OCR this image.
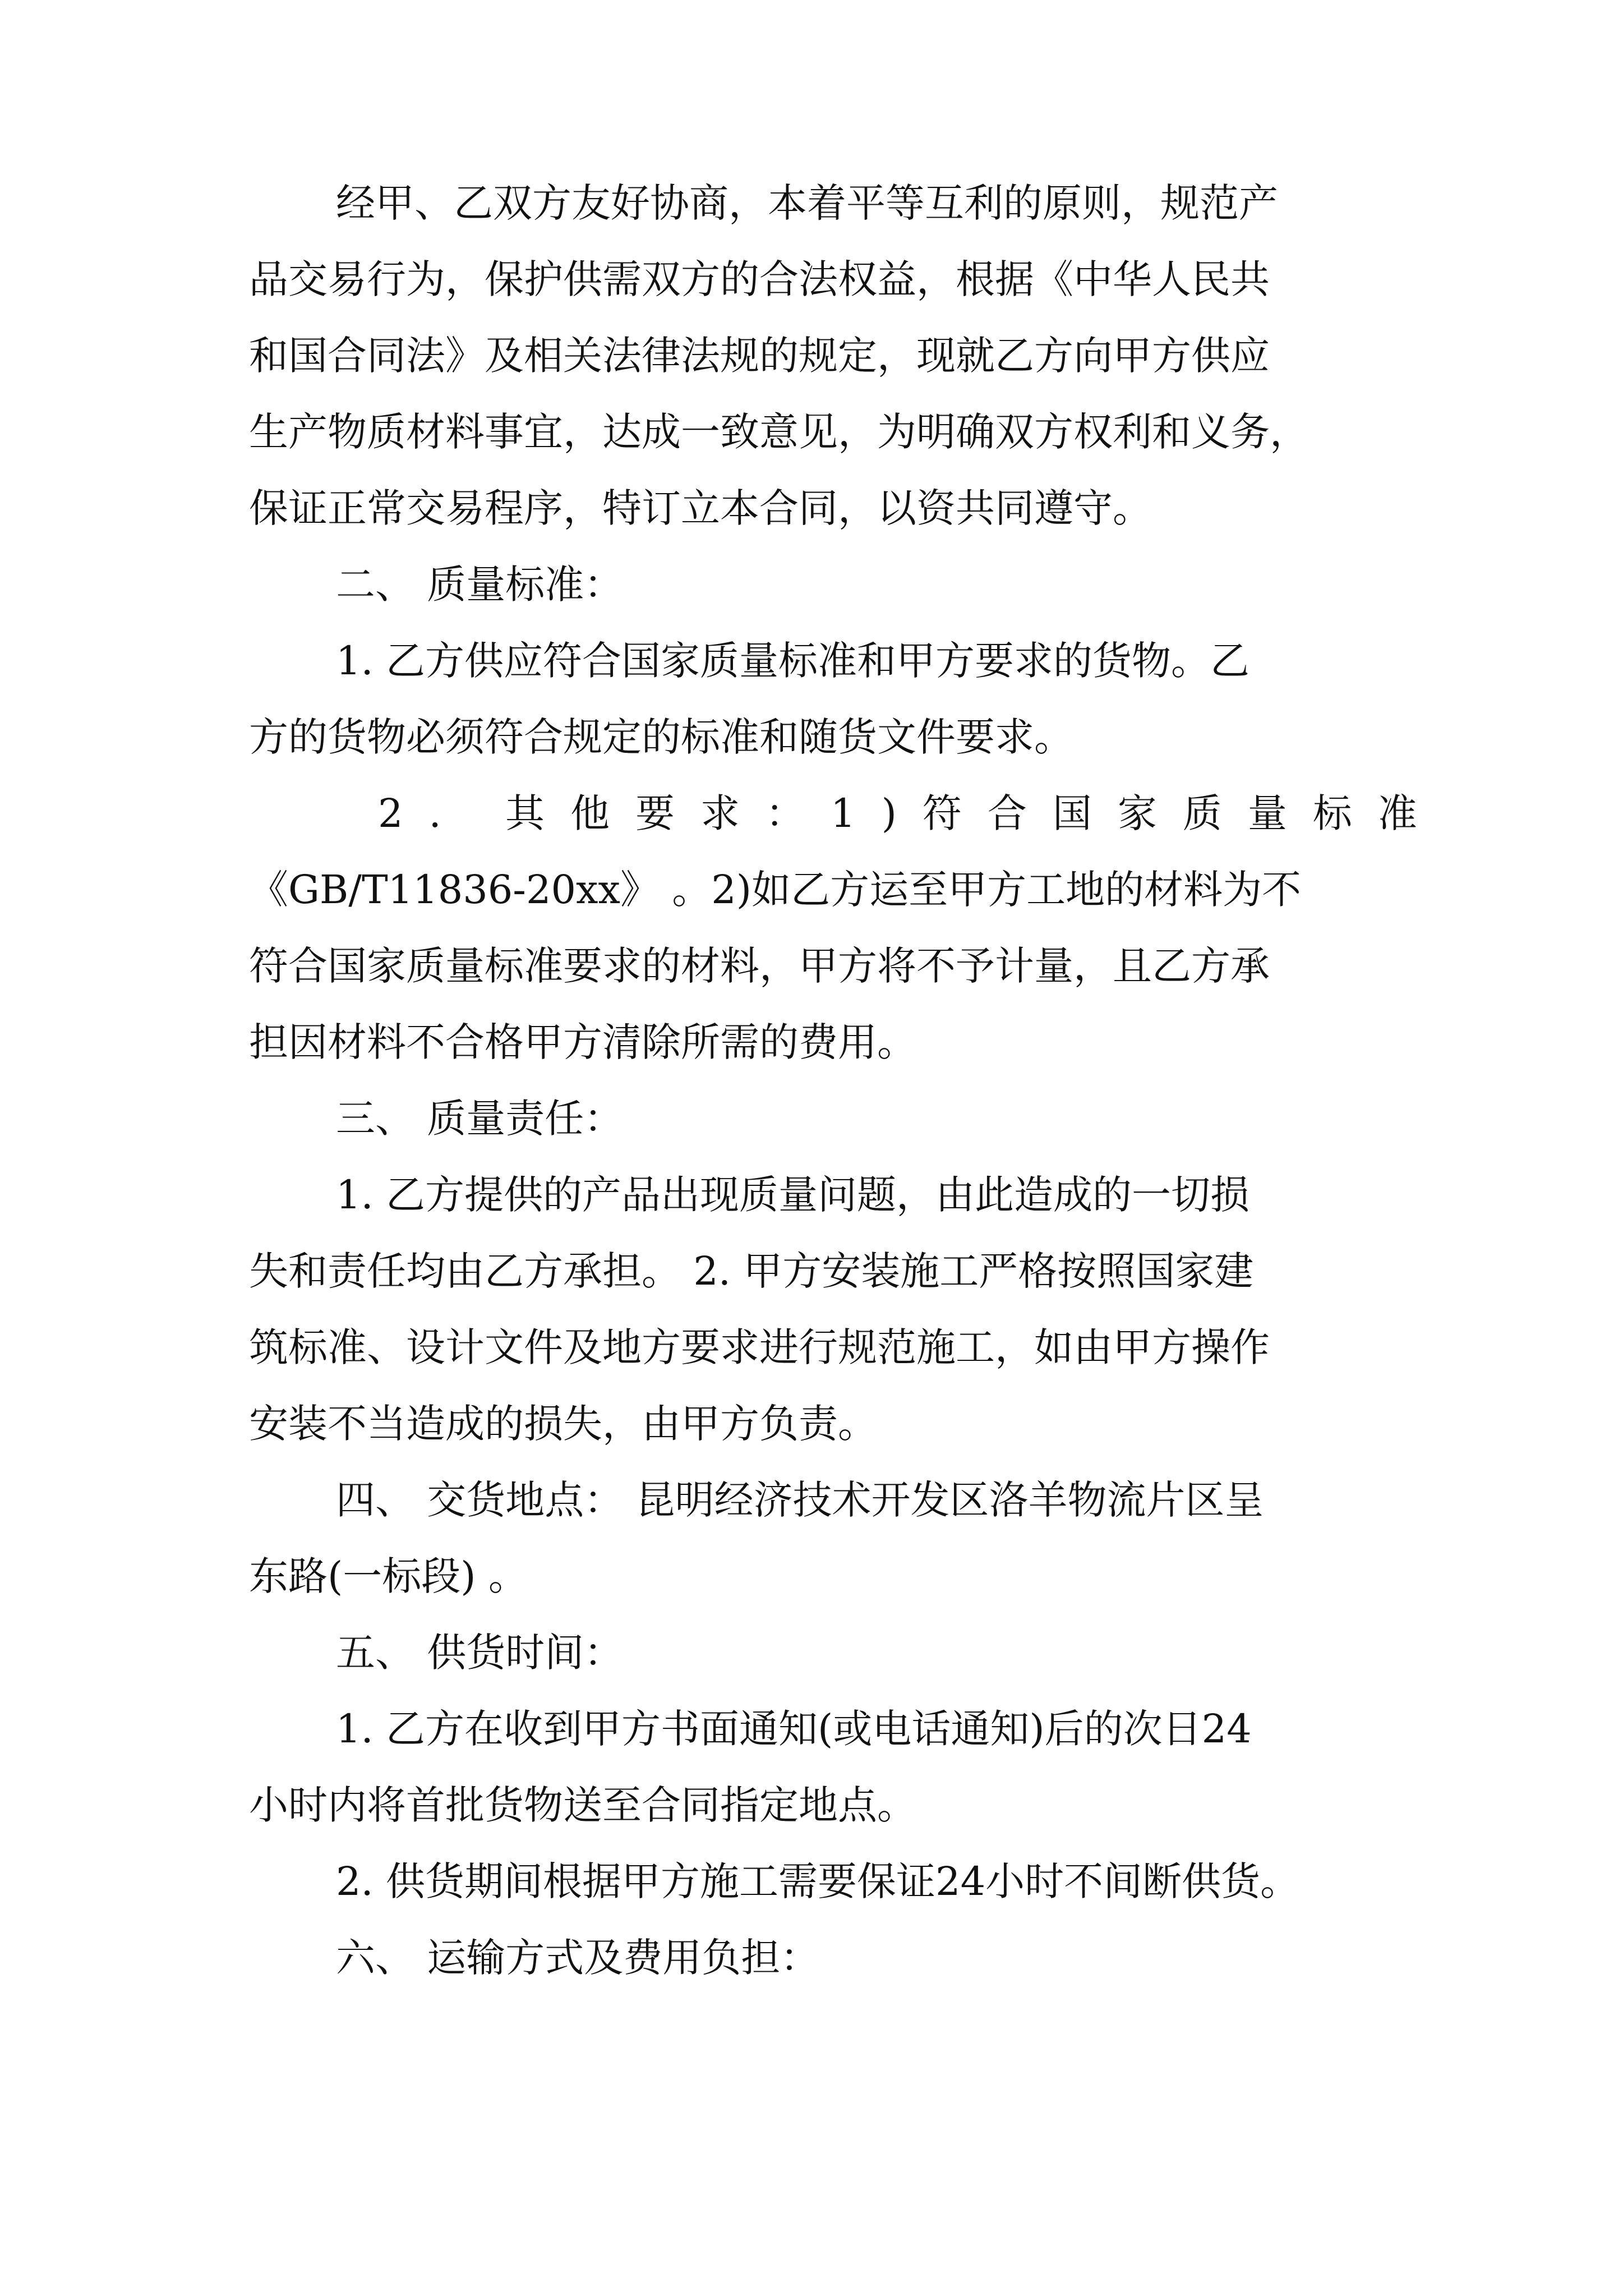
经甲、乙双方友好协商，本着平等互利的原则，规范产
品交易行为，保护供需双方的合法权益，根据《中华人民共
和国合同法》及相关法律法规的规定，现就乙方向甲方供应
生产物质材料事宜，达成一致意见，为明确双方权利和义务，
保证正常交易程序，特订立本合同，以资共同遵守。
二、 质量标准：
1. 乙方供应符合国家质量标准和甲方要求的货物。乙
方的货物必须符合规定的标准和随货文件要求。
2. 其他要求：1)符合国家质量标准
《GB/T11836-20xx》 。2)如乙方运至甲方工地的材料为不
符合国家质量标准要求的材料，甲方将不予计量，且乙方承
担因材料不合格甲方清除所需的费用。
三、 质量责任：
1. 乙方提供的产品出现质量问题，由此造成的一切损
失和责任均由乙方承担。 2. 甲方安装施工严格按照国家建
筑标准、设计文件及地方要求进行规范施工，如由甲方操作
安装不当造成的损失，由甲方负责。
四、 交货地点： 昆明经济技术开发区洛羊物流片区呈
东路(一标段) 。
五、 供货时间：
1. 乙方在收到甲方书面通知(或电话通知)后的次日24
小时内将首批货物送至合同指定地点。
2. 供货期间根据甲方施工需要保证24小时不间断供货。
六、 运输方式及费用负担：
